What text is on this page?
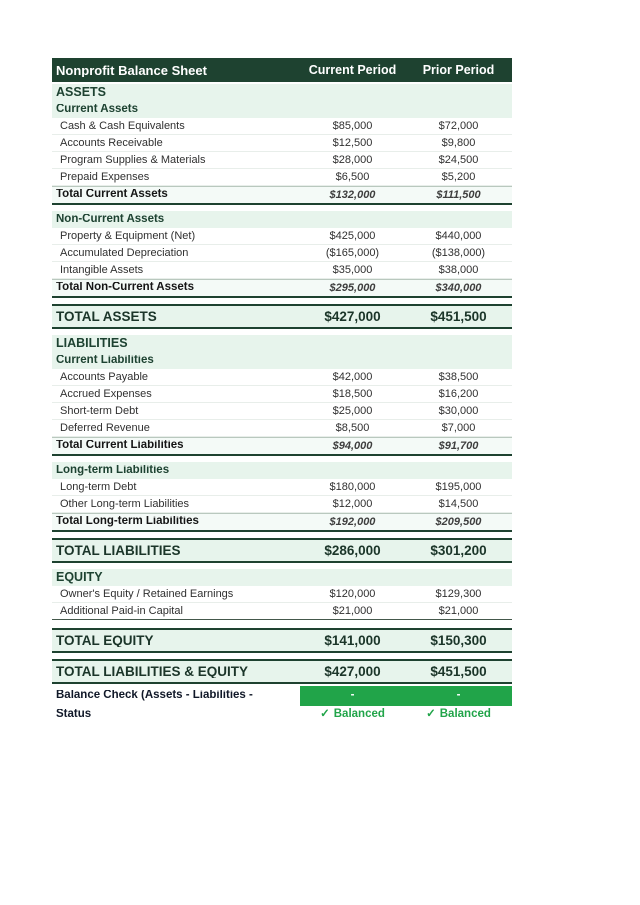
Nonprofit Balance Sheet	Current Period	Prior Period
ASSETS
Current Assets
Cash & Cash Equivalents	$85,000	$72,000
Accounts Receivable	$12,500	$9,800
Program Supplies & Materials	$28,000	$24,500
Prepaid Expenses	$6,500	$5,200
Total Current Assets	$132,000	$111,500
Non-Current Assets
Property & Equipment (Net)	$425,000	$440,000
Accumulated Depreciation	($165,000)	($138,000)
Intangible Assets	$35,000	$38,000
Total Non-Current Assets	$295,000	$340,000
TOTAL ASSETS	$427,000	$451,500
LIABILITIES
Current Liabilities
Accounts Payable	$42,000	$38,500
Accrued Expenses	$18,500	$16,200
Short-term Debt	$25,000	$30,000
Deferred Revenue	$8,500	$7,000
Total Current Liabilities	$94,000	$91,700
Long-term Liabilities
Long-term Debt	$180,000	$195,000
Other Long-term Liabilities	$12,000	$14,500
Total Long-term Liabilities	$192,000	$209,500
TOTAL LIABILITIES	$286,000	$301,200
EQUITY
Owner's Equity / Retained Earnings	$120,000	$129,300
Additional Paid-in Capital	$21,000	$21,000
TOTAL EQUITY	$141,000	$150,300
TOTAL LIABILITIES & EQUITY	$427,000	$451,500
Balance Check (Assets - Liabilities -	-	-
Status	✓ Balanced	✓ Balanced
